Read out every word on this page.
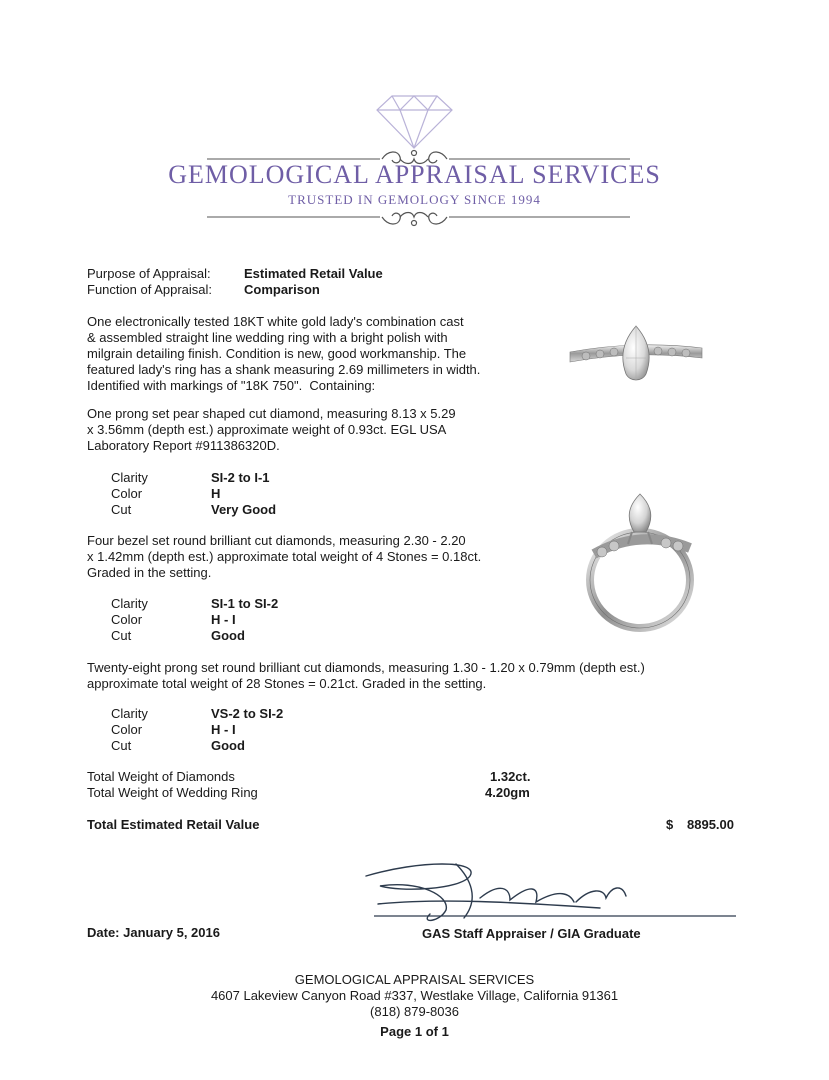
GEMOLOGICAL APPRAISAL SERVICES
TRUSTED IN GEMOLOGY SINCE 1994
Purpose of Appraisal:	Estimated Retail Value
Function of Appraisal: Comparison
One electronically tested 18KT white gold lady's combination cast
& assembled straight line wedding ring with a bright polish with
milgrain detailing finish. Condition is new, good workmanship. The
featured lady's ring has a shank measuring 2.69 millimeters in width.
Identified with markings of "18K 750".  Containing:
One prong set pear shaped cut diamond, measuring 8.13 x 5.29
x 3.56mm (depth est.) approximate weight of 0.93ct. EGL USA
Laboratory Report #911386320D.
Clarity	SI-2 to I-1
Color	H
Cut	Very Good
Four bezel set round brilliant cut diamonds, measuring 2.30 - 2.20
x 1.42mm (depth est.) approximate total weight of 4 Stones = 0.18ct.
Graded in the setting.
Clarity	SI-1 to SI-2
Color	H - I
Cut	Good
Twenty-eight prong set round brilliant cut diamonds, measuring 1.30 - 1.20 x 0.79mm (depth est.)
approximate total weight of 28 Stones = 0.21ct. Graded in the setting.
Clarity	VS-2 to SI-2
Color	H - I
Cut	Good
Total Weight of Diamonds	1.32ct.
Total Weight of Wedding Ring	4.20gm
Total Estimated Retail Value	$ 8895.00
Date: January 5, 2016	GAS Staff Appraiser / GIA Graduate
GEMOLOGICAL APPRAISAL SERVICES
4607 Lakeview Canyon Road #337, Westlake Village, California 91361
(818) 879-8036
Page 1 of 1
